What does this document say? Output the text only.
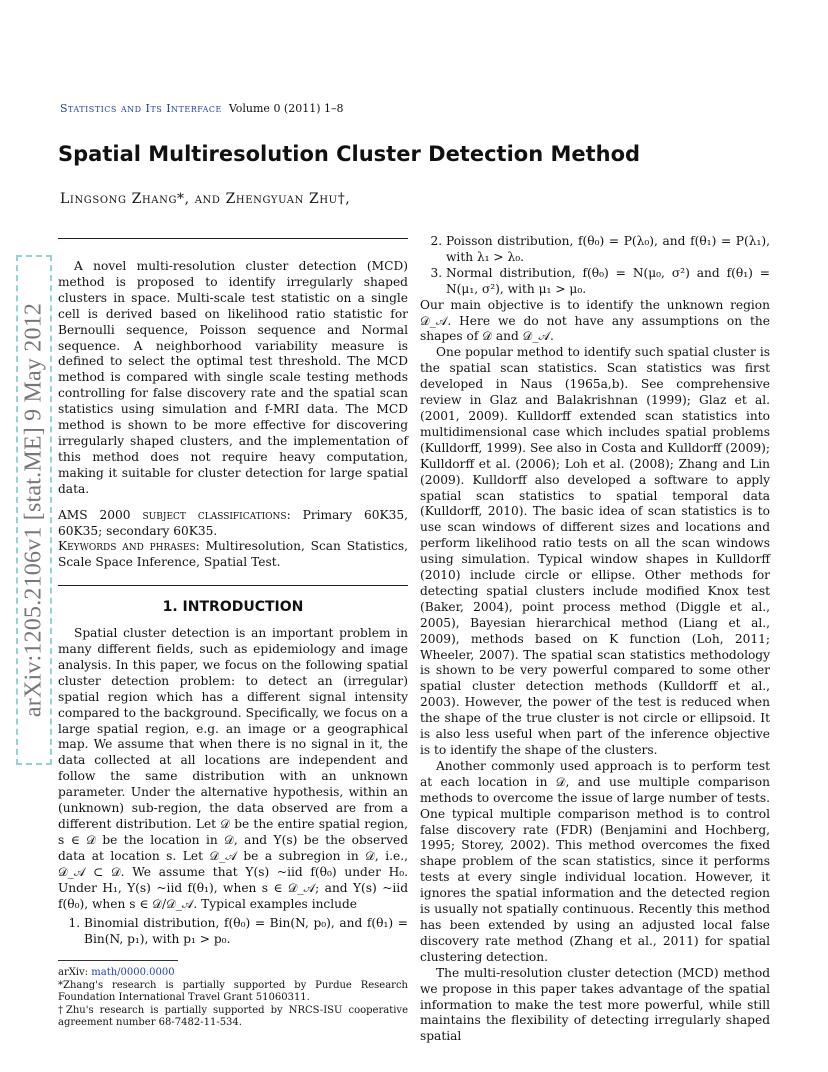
arXiv:1205.2106v1 [stat.ME] 9 May 2012
Statistics and Its Interface Volume 0 (2011) 1–8
Spatial Multiresolution Cluster Detection Method
Lingsong Zhang*, and Zhengyuan Zhu†,

A novel multi-resolution cluster detection (MCD) method is proposed to identify irregularly shaped clusters in space. Multi-scale test statistic on a single cell is derived based on likelihood ratio statistic for Bernoulli sequence, Poisson sequence and Normal sequence. A neighborhood variability measure is defined to select the optimal test threshold. The MCD method is compared with single scale testing methods controlling for false discovery rate and the spatial scan statistics using simulation and f-MRI data. The MCD method is shown to be more effective for discovering irregularly shaped clusters, and the implementation of this method does not require heavy computation, making it suitable for cluster detection for large spatial data.

AMS 2000 subject classifications: Primary 60K35, 60K35; secondary 60K35.

Keywords and phrases: Multiresolution, Scan Statistics, Scale Space Inference, Spatial Test.

1. INTRODUCTION

Spatial cluster detection is an important problem in many different fields, such as epidemiology and image analysis. In this paper, we focus on the following spatial cluster detection problem: to detect an (irregular) spatial region which has a different signal intensity compared to the background. Specifically, we focus on a large spatial region, e.g. an image or a geographical map. We assume that when there is no signal in it, the data collected at all locations are independent and follow the same distribution with an unknown parameter. Under the alternative hypothesis, within an (unknown) sub-region, the data observed are from a different distribution. Let 𝒟 be the entire spatial region, s ∈ 𝒟 be the location in 𝒟, and Y(s) be the observed data at location s. Let 𝒟_𝒜 be a subregion in 𝒟, i.e., 𝒟_𝒜 ⊂ 𝒟. We assume that Y(s) ~iid f(θ₀) under H₀. Under H₁, Y(s) ~iid f(θ₁), when s ∈ 𝒟_𝒜; and Y(s) ~iid f(θ₀), when s ∈ 𝒟/𝒟_𝒜. Typical examples include

1. Binomial distribution, f(θ₀) = Bin(N, p₀), and f(θ₁) = Bin(N, p₁), with p₁ > p₀.
arXiv: math/0000.0000
*Zhang's research is partially supported by Purdue Research Foundation International Travel Grant 51060311.
†Zhu's research is partially supported by NRCS-ISU cooperative agreement number 68-7482-11-534.
2. Poisson distribution, f(θ₀) = P(λ₀), and f(θ₁) = P(λ₁), with λ₁ > λ₀.
3. Normal distribution, f(θ₀) = N(μ₀, σ²) and f(θ₁) = N(μ₁, σ²), with μ₁ > μ₀.

Our main objective is to identify the unknown region 𝒟_𝒜. Here we do not have any assumptions on the shapes of 𝒟 and 𝒟_𝒜.

One popular method to identify such spatial cluster is the spatial scan statistics. Scan statistics was first developed in Naus (1965a,b). See comprehensive review in Glaz and Balakrishnan (1999); Glaz et al. (2001, 2009). Kulldorff extended scan statistics into multidimensional case which includes spatial problems (Kulldorff, 1999). See also in Costa and Kulldorff (2009); Kulldorff et al. (2006); Loh et al. (2008); Zhang and Lin (2009). Kulldorff also developed a software to apply spatial scan statistics to spatial temporal data (Kulldorff, 2010). The basic idea of scan statistics is to use scan windows of different sizes and locations and perform likelihood ratio tests on all the scan windows using simulation. Typical window shapes in Kulldorff (2010) include circle or ellipse. Other methods for detecting spatial clusters include modified Knox test (Baker, 2004), point process method (Diggle et al., 2005), Bayesian hierarchical method (Liang et al., 2009), methods based on K function (Loh, 2011; Wheeler, 2007). The spatial scan statistics methodology is shown to be very powerful compared to some other spatial cluster detection methods (Kulldorff et al., 2003). However, the power of the test is reduced when the shape of the true cluster is not circle or ellipsoid. It is also less useful when part of the inference objective is to identify the shape of the clusters.

Another commonly used approach is to perform test at each location in 𝒟, and use multiple comparison methods to overcome the issue of large number of tests. One typical multiple comparison method is to control false discovery rate (FDR) (Benjamini and Hochberg, 1995; Storey, 2002). This method overcomes the fixed shape problem of the scan statistics, since it performs tests at every single individual location. However, it ignores the spatial information and the detected region is usually not spatially continuous. Recently this method has been extended by using an adjusted local false discovery rate method (Zhang et al., 2011) for spatial clustering detection.

The multi-resolution cluster detection (MCD) method we propose in this paper takes advantage of the spatial information to make the test more powerful, while still maintains the flexibility of detecting irregularly shaped spatial
